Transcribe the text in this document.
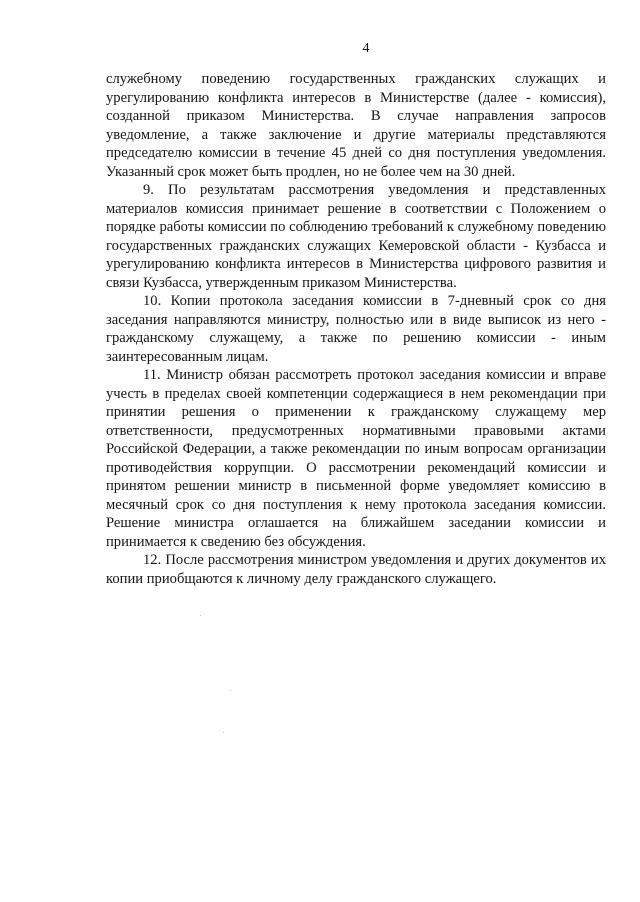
4

служебному поведению государственных гражданских служащих и урегулированию конфликта интересов в Министерстве (далее - комиссия), созданной приказом Министерства. В случае направления запросов уведомление, а также заключение и другие материалы представляются председателю комиссии в течение 45 дней со дня поступления уведомления. Указанный срок может быть продлен, но не более чем на 30 дней.

9. По результатам рассмотрения уведомления и представленных материалов комиссия принимает решение в соответствии с Положением о порядке работы комиссии по соблюдению требований к служебному поведению государственных гражданских служащих Кемеровской области - Кузбасса и урегулированию конфликта интересов в Министерства цифрового развития и связи Кузбасса, утвержденным приказом Министерства.

10. Копии протокола заседания комиссии в 7-дневный срок со дня заседания направляются министру, полностью или в виде выписок из него - гражданскому служащему, а также по решению комиссии - иным заинтересованным лицам.

11. Министр обязан рассмотреть протокол заседания комиссии и вправе учесть в пределах своей компетенции содержащиеся в нем рекомендации при принятии решения о применении к гражданскому служащему мер ответственности, предусмотренных нормативными правовыми актами Российской Федерации, а также рекомендации по иным вопросам организации противодействия коррупции. О рассмотрении рекомендаций комиссии и принятом решении министр в письменной форме уведомляет комиссию в месячный срок со дня поступления к нему протокола заседания комиссии. Решение министра оглашается на ближайшем заседании комиссии и принимается к сведению без обсуждения.

12. После рассмотрения министром уведомления и других документов их копии приобщаются к личному делу гражданского служащего.
